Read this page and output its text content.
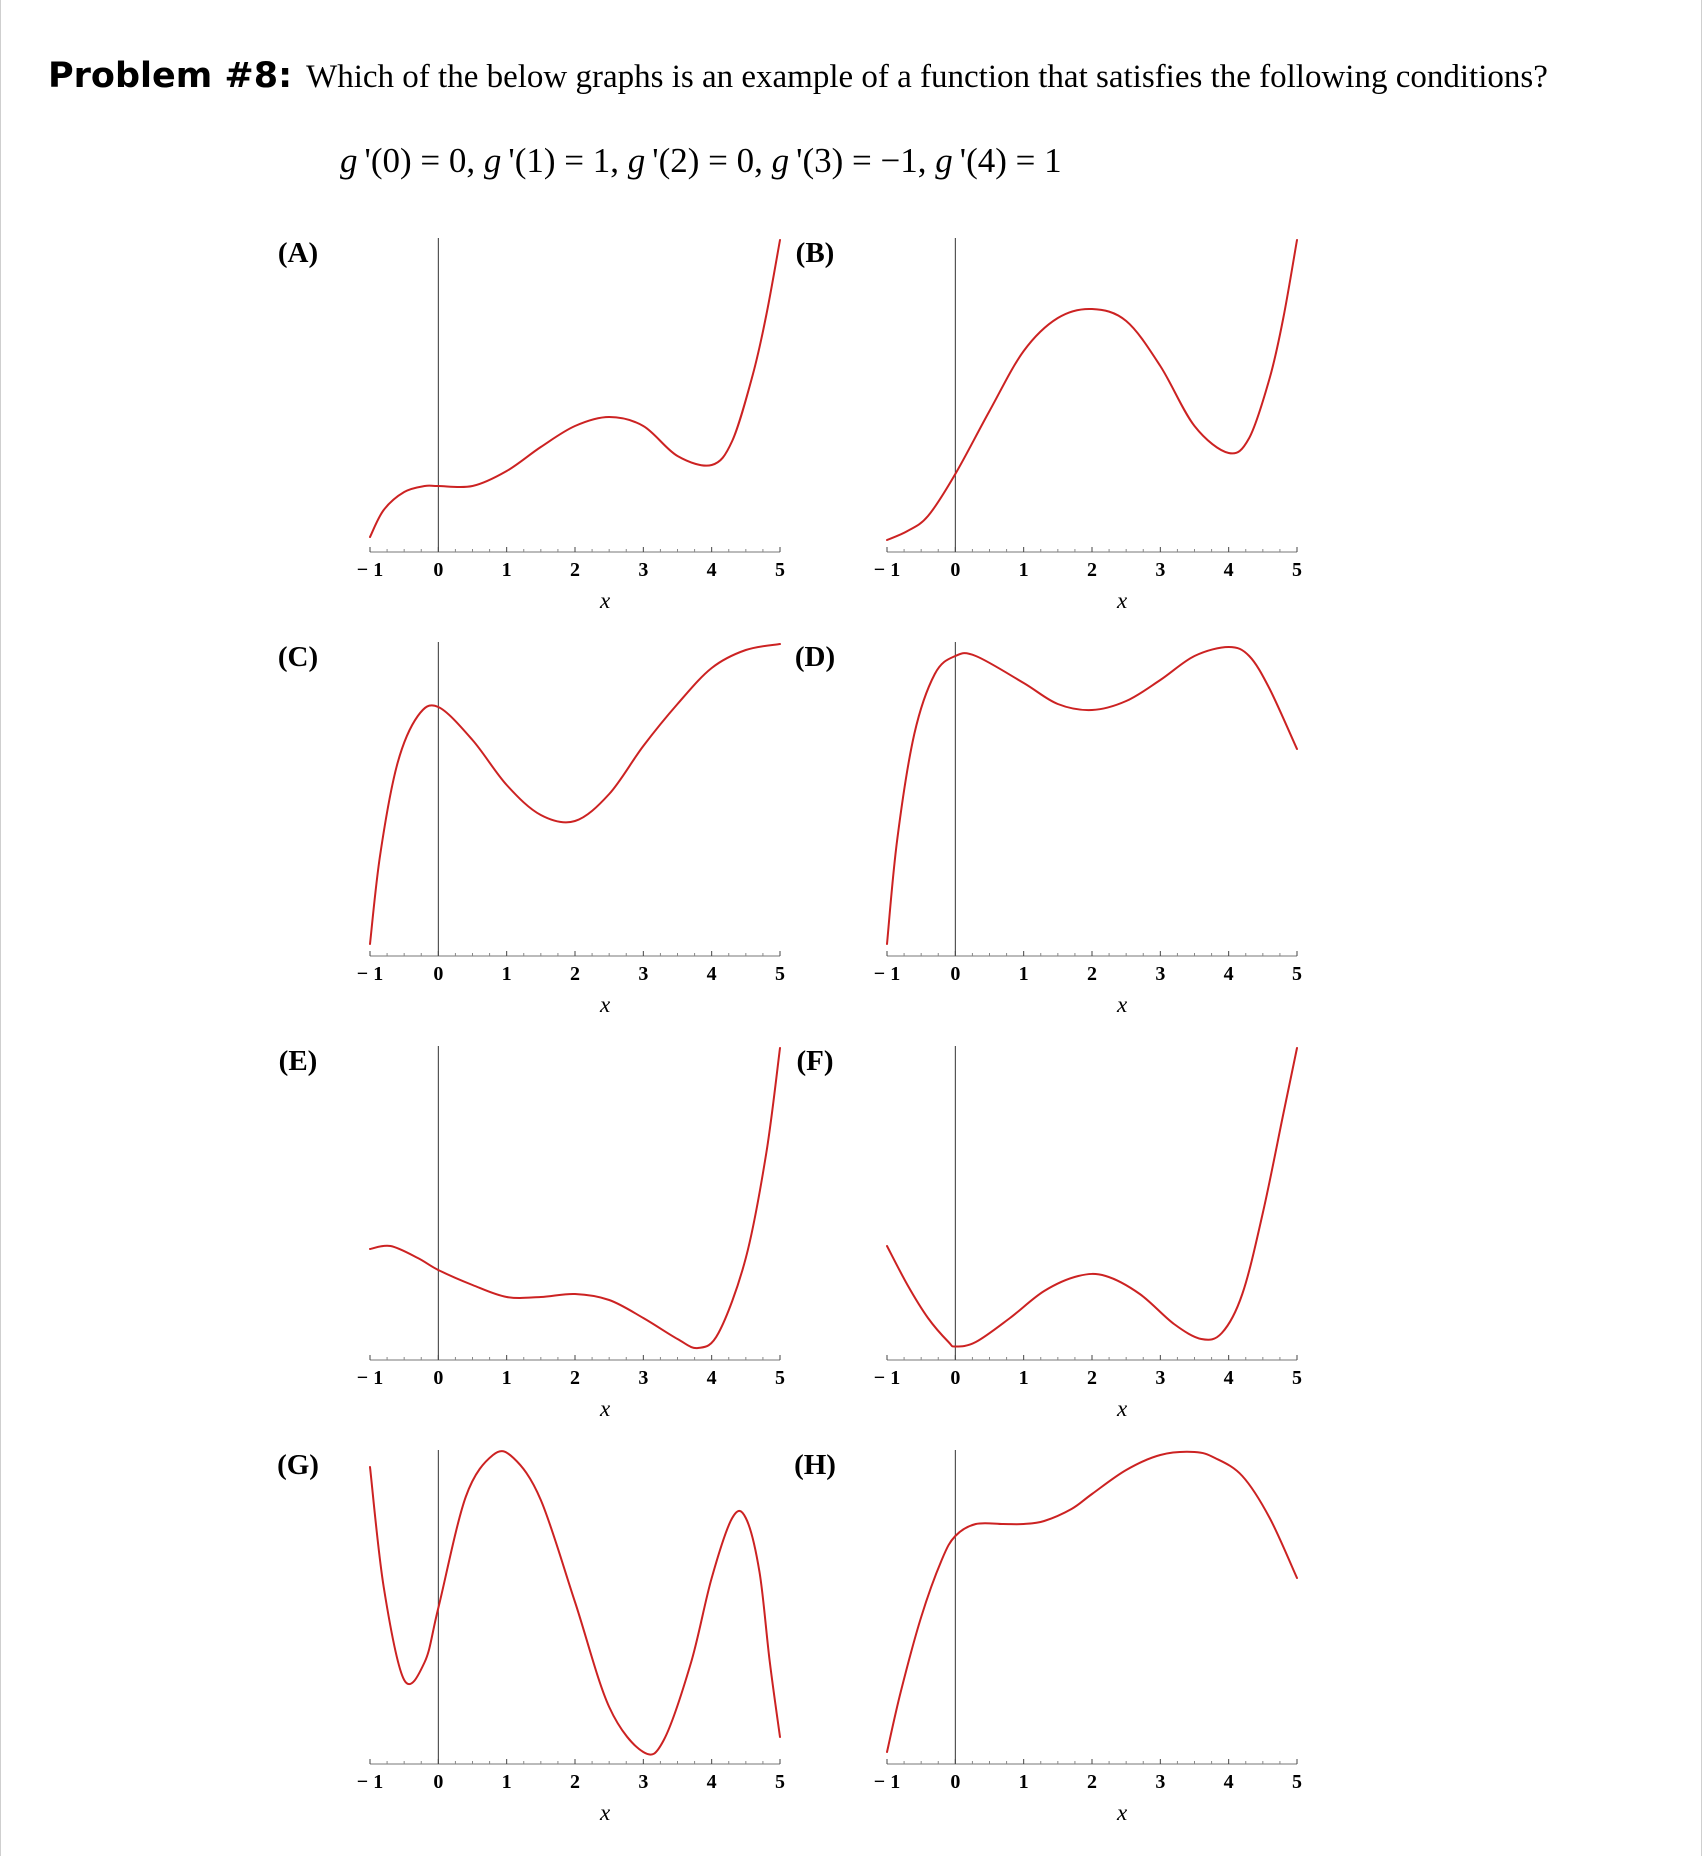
Problem #8: Which of the below graphs is an example of a function that satisfies the following conditions?
g '(0) = 0, g '(1) = 1, g '(2) = 0, g '(3) = −1, g '(4) = 1
(A)
− 1	0	1	2	3	4	5
x
(B)
− 1	0	1	2	3	4	5
x
(C)
− 1	0	1	2	3	4	5
x
(D)
− 1	0	1	2	3	4	5
x
(E)
− 1	0	1	2	3	4	5
x
(F)
− 1	0	1	2	3	4	5
x
(G)
− 1	0	1	2	3	4	5
x
(H)
− 1	0	1	2	3	4	5
x
